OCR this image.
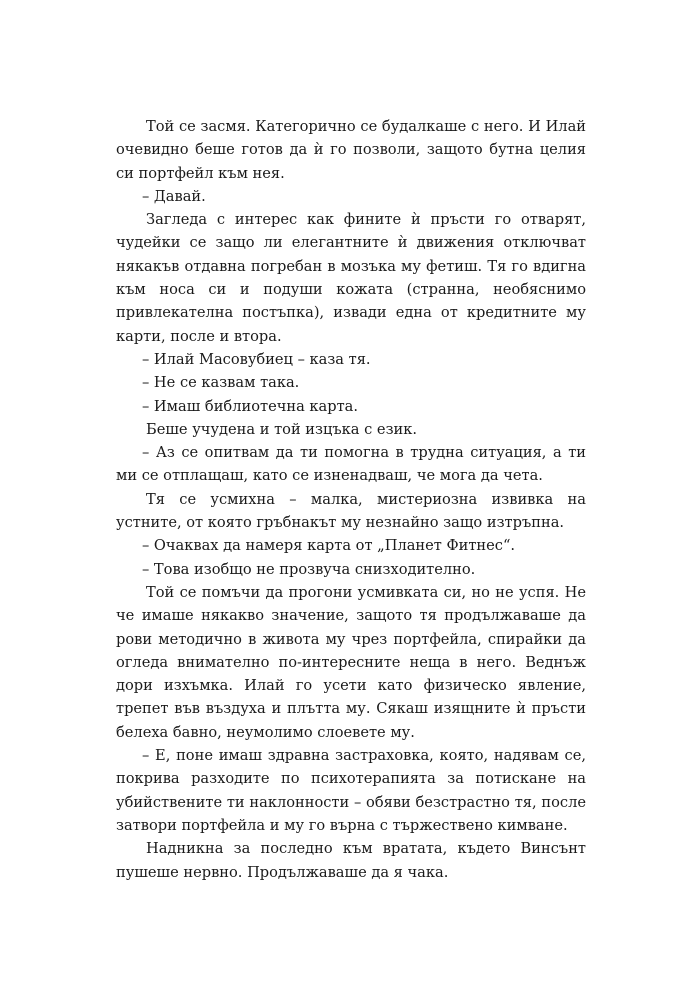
Той се засмя. Категорично се будалкаше с него. И Илай очевидно беше готов да ѝ го позволи, защото бутна целия си портфейл към нея.

– Давай.

Загледа с интерес как фините ѝ пръсти го отварят, чудейки се защо ли елегантните ѝ движения отключват някакъв отдавна погребан в мозъка му фетиш. Тя го вдигна към носа си и подуши кожата (странна, необяснимо привлекателна постъпка), извади една от кредитните му карти, после и втора.

– Илай Масовубиец – каза тя.

– Не се казвам така.

– Имаш библиотечна карта.

Беше учудена и той изцъка с език.

– Аз се опитвам да ти помогна в трудна ситуация, а ти ми се отплащаш, като се изненадваш, че мога да чета.

Тя се усмихна – малка, мистериозна извивка на устните, от която гръбнакът му незнайно защо изтръпна.

– Очаквах да намеря карта от „Планет Фитнес“.

– Това изобщо не прозвуча снизходително.

Той се помъчи да прогони усмивката си, но не успя. Не че имаше някакво значение, защото тя продължаваше да рови методично в живота му чрез портфейла, спирайки да огледа внимателно по-интересните неща в него. Веднъж дори изхъмка. Илай го усети като физическо явление, трепет във въздуха и плътта му. Сякаш изящните ѝ пръсти белеха бавно, неумолимо слоевете му.

– Е, поне имаш здравна застраховка, която, надявам се, покрива разходите по психотерапията за потискане на убийствените ти наклонности – обяви безстрастно тя, после затвори портфейла и му го върна с тържествено кимване.

Надникна за последно към вратата, където Винсънт пушеше нервно. Продължаваше да я чака.
